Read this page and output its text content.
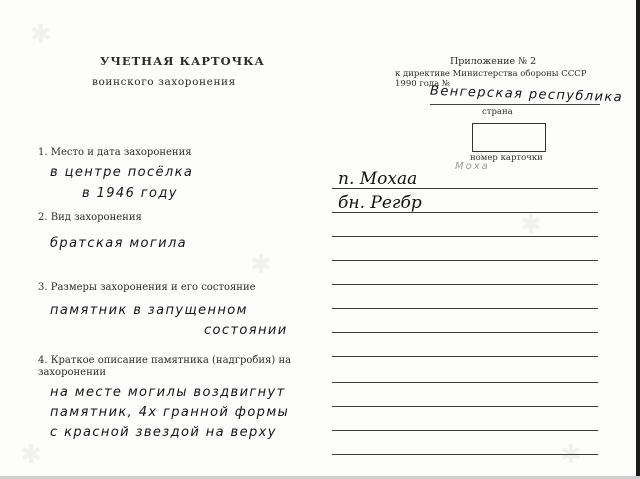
✱
✱
✱
✱
✱
УЧЕТНАЯ КАРТОЧКА
воинского захоронения
Приложение № 2
к директиве Министерства обороны СССР
1990 года №
Венгерская республика
страна
номер карточки
Моха
1. Место и дата захоронения
в центре посёлка
в 1946 году
2. Вид захоронения
братская могила
3. Размеры захоронения и его состояние
памятник в запущенном
состоянии
4. Краткое описание памятника (надгробия) на
захоронении
на месте могилы воздвигнут
памятник, 4х гранной формы
с красной звездой на верху
п. Мохаа
бн. Регбр
